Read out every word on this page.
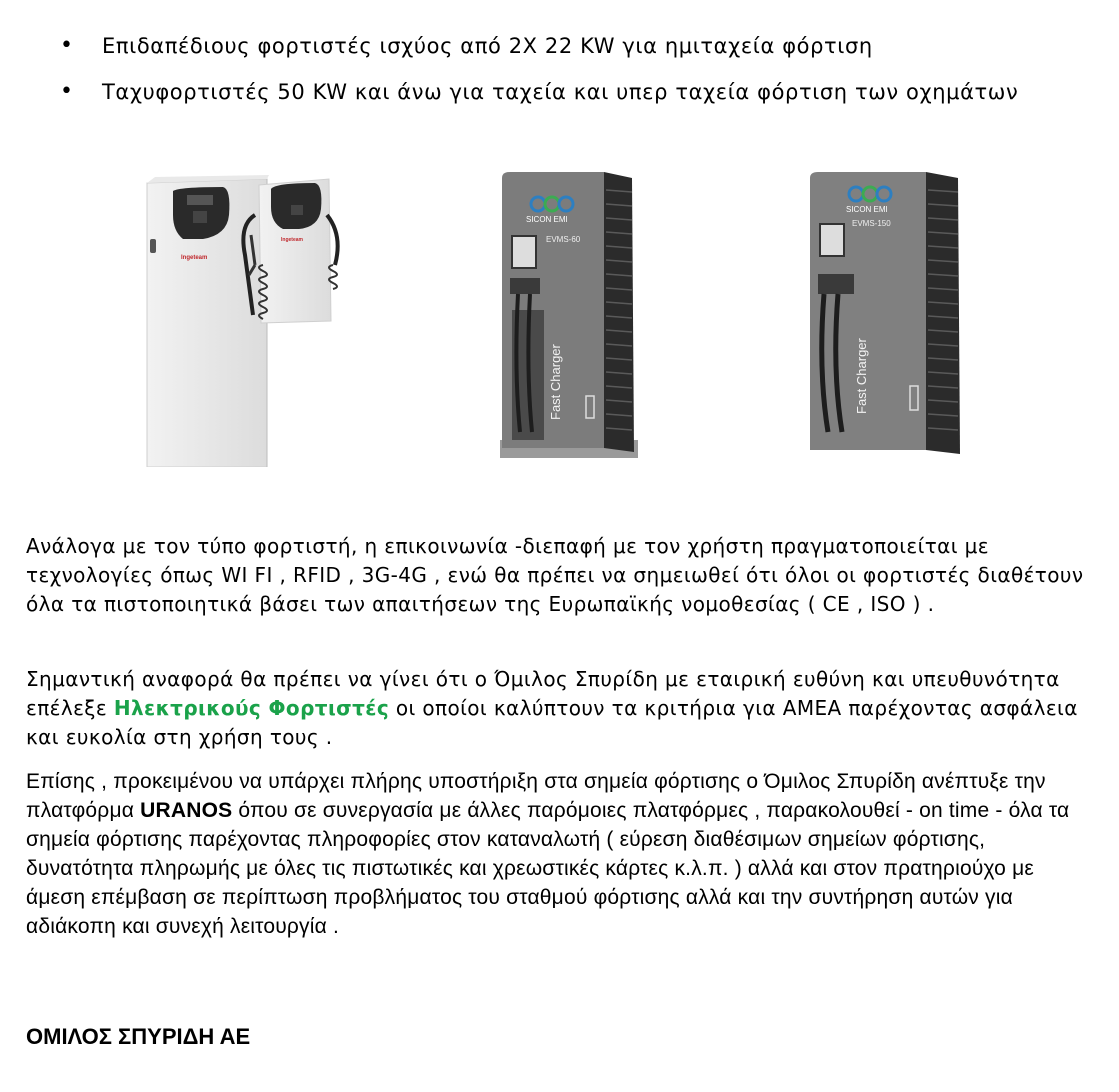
• Επιδαπέδιους φορτιστές ισχύος από 2X 22 KW για ημιταχεία φόρτιση
• Ταχυφορτιστές 50 KW και άνω για ταχεία και υπερ ταχεία φόρτιση των οχημάτων
Ingeteam
Ingeteam
SICON EMI
EVMS-60
Fast Charger
SICON EMI
EVMS-150
Fast Charger

Ανάλογα με τον τύπο φορτιστή, η επικοινωνία -διεπαφή με τον χρήστη πραγματοποιείται με τεχνολογίες όπως WI FI , RFID , 3G-4G , ενώ θα πρέπει να σημειωθεί ότι όλοι οι φορτιστές διαθέτουν όλα τα πιστοποιητικά βάσει των απαιτήσεων της Ευρωπαϊκής νομοθεσίας ( CE , ISO ) .

Σημαντική αναφορά θα πρέπει να γίνει ότι ο Όμιλος Σπυρίδη με εταιρική ευθύνη και υπευθυνότητα επέλεξε Ηλεκτρικούς Φορτιστές οι οποίοι καλύπτουν τα κριτήρια για ΑΜΕΑ παρέχοντας ασφάλεια και ευκολία στη χρήση τους .

Επίσης , προκειμένου να υπάρχει πλήρης υποστήριξη στα σημεία φόρτισης ο Όμιλος Σπυρίδη ανέπτυξε την πλατφόρμα URANOS όπου σε συνεργασία με άλλες παρόμοιες πλατφόρμες , παρακολουθεί - on time - όλα τα σημεία φόρτισης παρέχοντας πληροφορίες στον καταναλωτή ( εύρεση διαθέσιμων σημείων φόρτισης, δυνατότητα πληρωμής με όλες τις πιστωτικές και χρεωστικές κάρτες κ.λ.π. ) αλλά και στον πρατηριούχο με άμεση επέμβαση σε περίπτωση προβλήματος του σταθμού φόρτισης αλλά και την συντήρηση αυτών για αδιάκοπη και συνεχή λειτουργία .

ΟΜΙΛΟΣ ΣΠΥΡΙΔΗ ΑΕ
